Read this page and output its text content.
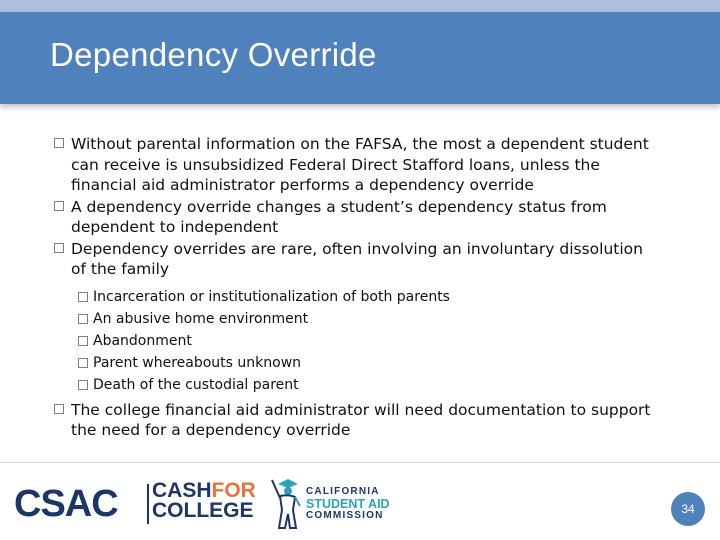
Dependency Override
Without parental information on the FAFSA, the most a dependent student can receive is unsubsidized Federal Direct Stafford loans, unless the financial aid administrator performs a dependency override
A dependency override changes a student’s dependency status from dependent to independent
Dependency overrides are rare, often involving an involuntary dissolution of the family
Incarceration or institutionalization of both parents
An abusive home environment
Abandonment
Parent whereabouts unknown
Death of the custodial parent
The college financial aid administrator will need documentation to support the need for a dependency override
CSAC CASHFOR
COLLEGE
CALIFORNIA
STUDENT AID
COMMISSION	34
